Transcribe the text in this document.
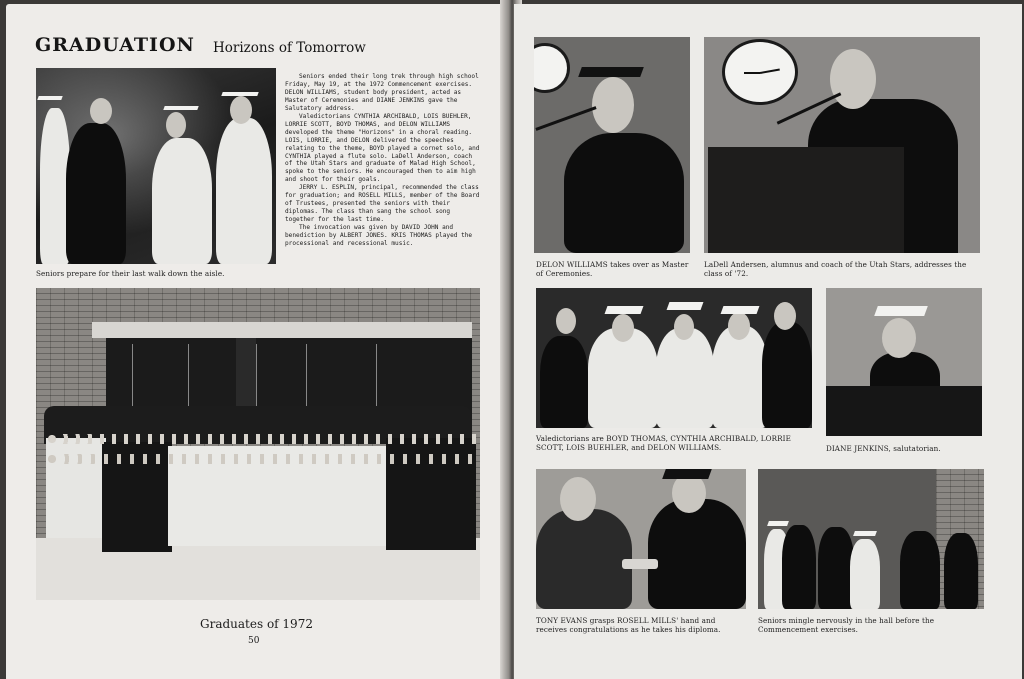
GRADUATION Horizons of Tomorrow
Seniors prepare for their last walk down the aisle.

Seniors ended their long trek through high school Friday, May 19, at the 1972 Commencement exercises. DELON WILLIAMS, student body president, acted as Master of Ceremonies and DIANE JENKINS gave the Salutatory address.

Valedictorians CYNTHIA ARCHIBALD, LOIS BUEHLER, LORRIE SCOTT, BOYD THOMAS, and DELON WILLIAMS developed the theme "Horizons" in a choral reading. LOIS, LORRIE, and DELON delivered the speeches relating to the theme, BOYD played a cornet solo, and CYNTHIA played a flute solo. LaDell Anderson, coach of the Utah Stars and graduate of Malad High School, spoke to the seniors. He encouraged them to aim high and shoot for their goals.

JERRY L. ESPLIN, principal, recommended the class for graduation; and ROSELL MILLS, member of the Board of Trustees, presented the seniors with their diplomas. The class than sang the school song together for the last time.

The invocation was given by DAVID JOHN and benediction by ALBERT JONES. KRIS THOMAS played the processional and recessional music.

Graduates of 1972
50
DELON WILLIAMS takes over as Master of Ceremonies.
LaDell Andersen, alumnus and coach of the Utah Stars, addresses the class of '72.
Valedictorians are BOYD THOMAS, CYNTHIA ARCHIBALD, LORRIE SCOTT, LOIS BUEHLER, and DELON WILLIAMS.	DIANE JENKINS, salutatorian.
TONY EVANS grasps ROSELL MILLS' hand and receives congratulations as he takes his diploma.
Seniors mingle nervously in the hall before the Commencement exercises.
